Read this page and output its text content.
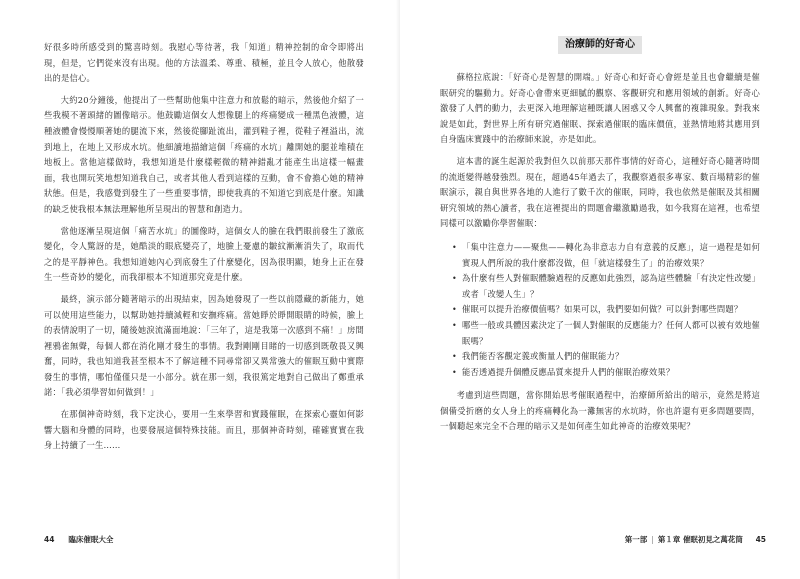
好很多時所感受到的驚喜時刻。我慰心等待著，我「知道」精神控制的命令即將出現，但是，它們從來沒有出現。他的方法溫柔、尊重、積極，並且令人放心，他散發出的是信心。

大約20分鐘後，他提出了一些幫助他集中注意力和放鬆的暗示，然後他介紹了一些我模不著頭緒的圖像暗示。他鼓勵這個女人想像腿上的疼痛變成一種黑色液體，這種液體會慢慢順著她的腿流下來，然後從腳趾流出，灌到鞋子裡，從鞋子裡溢出，流到地上，在地上又形成水坑。他細讀地描繪這個「疼痛的水坑」離開她的腿並堆積在地板上。當他這樣做時，我想知道是什麼樣輕微的精神錯亂才能產生出這樣一幅畫面，我也開玩笑地想知道我自己，或者其他人看到這樣的互動，會不會擔心她的精神狀態。但是，我感覺到發生了一些重要事情，即使我真的不知道它到底是什麼。知識的缺乏使我根本無法理解他所呈現出的智慧和創造力。

當他逐漸呈現這個「痛苦水坑」的圖像時，這個女人的臉在我們眼前發生了激底變化，令人驚訝的是，她酷淡的眼底變亮了，地臉上憂慮的皺紋漸漸消失了，取而代之的是平靜神色。我想知道她內心到底發生了什麼變化，因為很明顯，她身上正在發生一些奇妙的變化，而我卻根本不知道那究竟是什麼。

最終，演示部分隨著暗示的出現結束，因為她發現了一些以前隱藏的新能力，她可以使用這些能力，以幫助她持續減輕和安撫疼痛。當她睜於睜開眼睛的時候，臉上的表情說明了一切，隨後她淚流滿面地說：「三年了，這是我第一次感到不痛！」房間裡鴉雀無聲，每個人都在消化剛才發生的事情。我對剛剛目睹的一切感到既敬畏又興奮，同時，我也知道我甚至根本不了解這種不同尋常卻又異常強大的催眠互動中實際發生的事情，哪怕僅僅只是一小部分。就在那一刻，我很篤定地對自己做出了鄭重承諾：「我必須學習如何做到！」

在那個神奇時刻，我下定決心，要用一生來學習和實踐催眠，在探索心靈如何影響大腦和身體的同時，也要發展這個特殊技能。而且，那個神奇時刻，確確實實在我身上持續了一生……

44 臨床催眠大全
治療師的好奇心

蘇格拉底說：「好奇心是智慧的開端。」好奇心和好奇心會經是並且也會繼續是催眠研究的驅動力。好奇心會帶來更細膩的觀察、客觀研究和應用領域的創新。好奇心激發了人們的動力，去更深入地理解這種既讓人困惑又令人興奮的複雜現象。對我來說是如此，對世界上所有研究過催眠、探索過催眠的臨床價值，並熱情地將其應用到自身臨床實踐中的治療師來說，亦是如此。

這本書的誕生起源於我對但久以前那天那件事情的好奇心，這種好奇心隨著時間的流逝變得越發強烈。現在，超過45年過去了，我觀察過很多專家、數百場精彩的催眠演示，親自與世界各地的人進行了數千次的催眠，同時，我也依然是催眠及其相關研究領域的熱心讀者，我在這裡提出的問題會繼激勵過我，如今我寫在這裡，也希望同樣可以激勵你學習催眠：

• 「集中注意力——聚焦——轉化為非意志力自有意義的反應」，這一過程是如何實現人們所說的我什麼都沒做，但「就這樣發生了」的治療效果？
• 為什麼有些人對催眠體驗過程的反應如此強烈，認為這些體驗「有決定性改變」或者「改變人生」？
• 催眠可以提升治療價值嗎？如果可以，我們要如何做？可以針對哪些問題？
• 哪些一般或具體因素決定了一個人對催眠的反應能力？任何人都可以被有效地催眠嗎？
• 我們能否客觀定義或衡量人們的催眠能力？
• 能否透過提升個體反應品質來提升人們的催眠治療效果？

考慮到這些問題，當你開始思考催眠過程中，治療師所給出的暗示，竟然是將這個備受折磨的女人身上的疼痛轉化為一灘無害的水坑時，你也許還有更多問題要問，一個聽起來完全不合理的暗示又是如何產生如此神奇的治療效果呢？

第一部 | 第１章 催眠初見之萬花筒 45
